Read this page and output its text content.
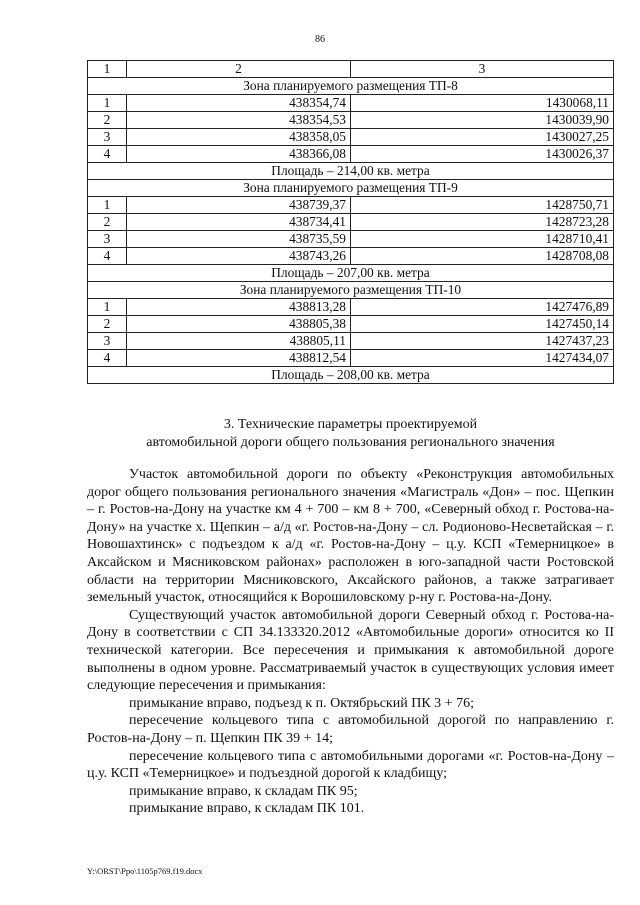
86
1	2	3
Зона планируемого размещения ТП-8		
1	438354,74	1430068,11
2	438354,53	1430039,90
3	438358,05	1430027,25
4	438366,08	1430026,37
Площадь – 214,00 кв. метра		
Зона планируемого размещения ТП-9		
1	438739,37	1428750,71
2	438734,41	1428723,28
3	438735,59	1428710,41
4	438743,26	1428708,08
Площадь – 207,00 кв. метра		
Зона планируемого размещения ТП-10		
1	438813,28	1427476,89
2	438805,38	1427450,14
3	438805,11	1427437,23
4	438812,54	1427434,07
Площадь – 208,00 кв. метра		
3. Технические параметры проектируемой
автомобильной дороги общего пользования регионального значения

Участок автомобильной дороги по объекту «Реконструкция автомобильных дорог общего пользования регионального значения «Магистраль «Дон» – пос. Щепкин – г. Ростов-на-Дону на участке км 4 + 700 – км 8 + 700, «Северный обход г. Ростова-на-Дону» на участке х. Щепкин – а/д «г. Ростов-на-Дону – сл. Родионово-Несветайская – г. Новошахтинск» с подъездом к а/д «г. Ростов-на-Дону – ц.у. КСП «Темерницкое» в Аксайском и Мясниковском районах» расположен в юго-западной части Ростовской области на территории Мясниковского, Аксайского районов, а также затрагивает земельный участок, относящийся к Ворошиловскому р-ну г. Ростова-на-Дону.

Существующий участок автомобильной дороги Северный обход г. Ростова-на-Дону в соответствии с СП 34.133320.2012 «Автомобильные дороги» относится ко II технической категории. Все пересечения и примыкания к автомобильной дороге выполнены в одном уровне. Рассматриваемый участок в существующих условия имеет следующие пересечения и примыкания:

примыкание вправо, подъезд к п. Октябрьский ПК 3 + 76;

пересечение кольцевого типа с автомобильной дорогой по направлению г. Ростов-на-Дону – п. Щепкин ПК 39 + 14;

пересечение кольцевого типа с автомобильными дорогами «г. Ростов-на-Дону – ц.у. КСП «Темерницкое» и подъездной дорогой к кладбищу;

примыкание вправо, к складам ПК 95;

примыкание вправо, к складам ПК 101.

Y:\ORST\Ppo\1105p769.f19.docx
